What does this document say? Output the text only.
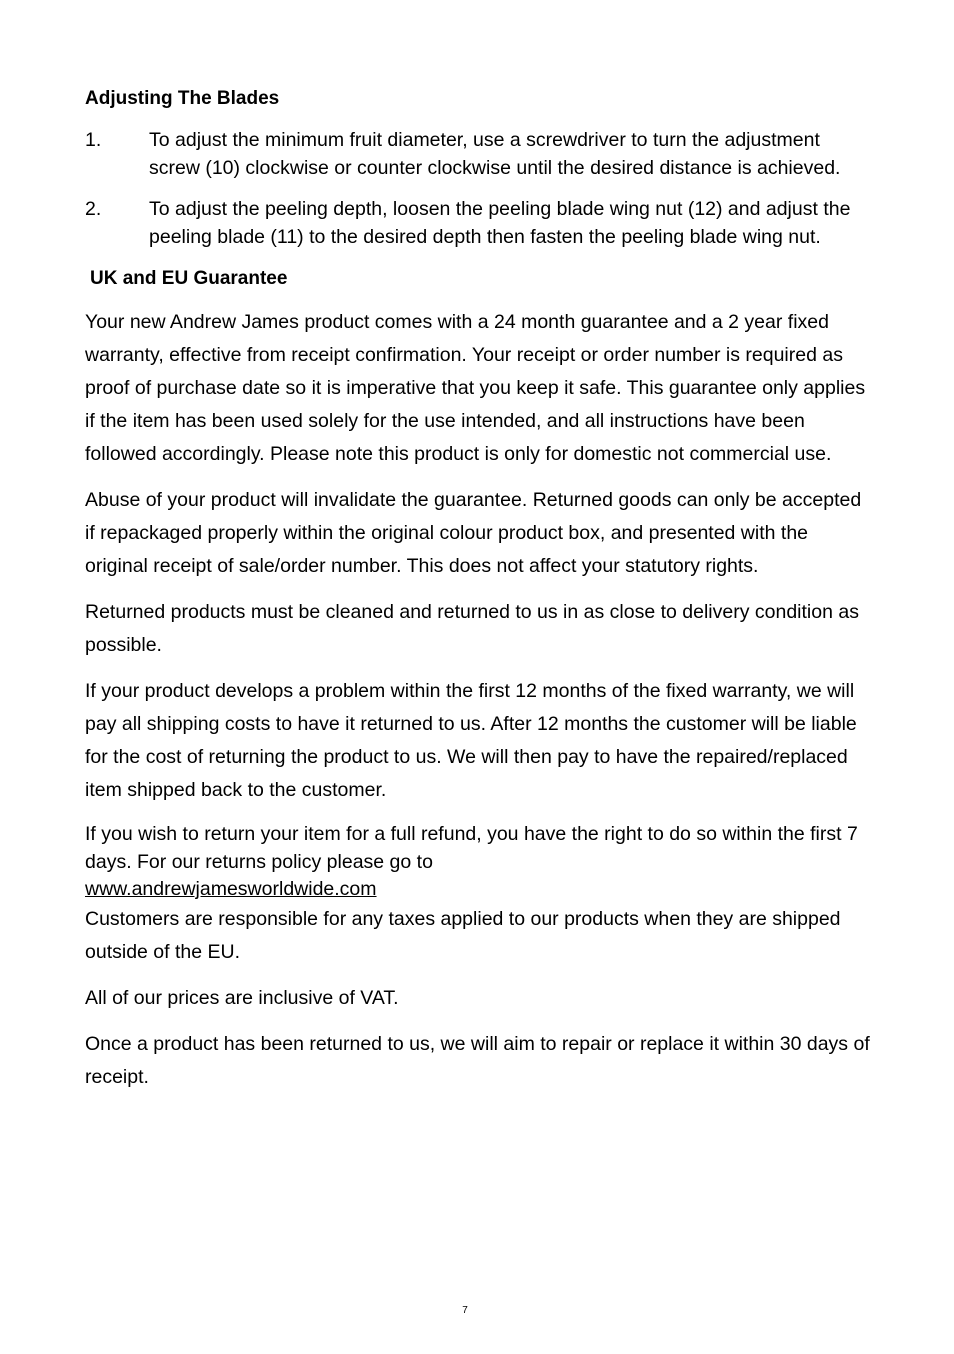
Adjusting The Blades

1.	To adjust the minimum fruit diameter, use a screwdriver to turn the adjustment screw (10) clockwise or counter clockwise until the desired distance is achieved.
2.	To adjust the peeling depth, loosen the peeling blade wing nut (12) and adjust the peeling blade (11) to the desired depth then fasten the peeling blade wing nut.

UK and EU Guarantee

Your new Andrew James product comes with a 24 month guarantee and a 2 year fixed warranty, effective from receipt confirmation. Your receipt or order number is required as proof of purchase date so it is imperative that you keep it safe. This guarantee only applies if the item has been used solely for the use intended, and all instructions have been followed accordingly. Please note this product is only for domestic not commercial use.

Abuse of your product will invalidate the guarantee. Returned goods can only be accepted if repackaged properly within the original colour product box, and presented with the original receipt of sale/order number. This does not affect your statutory rights.

Returned products must be cleaned and returned to us in as close to delivery condition as possible.

If your product develops a problem within the first 12 months of the fixed warranty, we will pay all shipping costs to have it returned to us. After 12 months the customer will be liable for the cost of returning the product to us. We will then pay to have the repaired/replaced item shipped back to the customer.

If you wish to return your item for a full refund, you have the right to do so within the first 7 days. For our returns policy please go to

www.andrewjamesworldwide.com

Customers are responsible for any taxes applied to our products when they are shipped outside of the EU.

All of our prices are inclusive of VAT.

Once a product has been returned to us, we will aim to repair or replace it within 30 days of receipt.

7
